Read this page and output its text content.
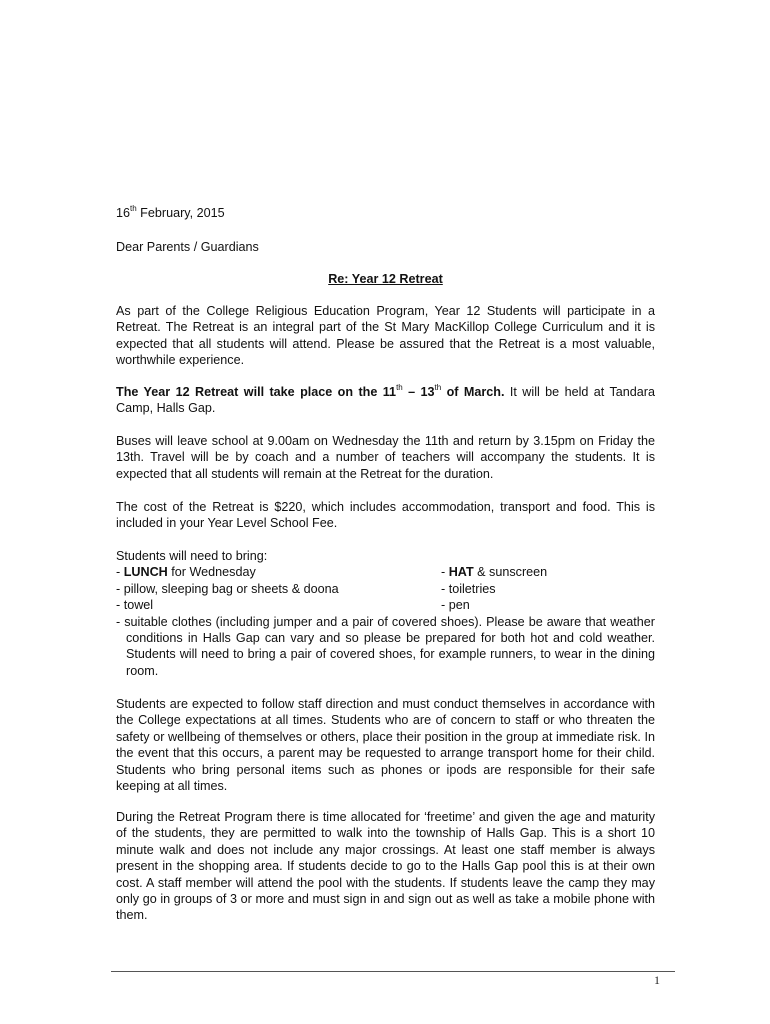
16th February, 2015
Dear Parents / Guardians
Re: Year 12 Retreat
As part of the College Religious Education Program, Year 12 Students will participate in a Retreat. The Retreat is an integral part of the St Mary MacKillop College Curriculum and it is expected that all students will attend. Please be assured that the Retreat is a most valuable, worthwhile experience.
The Year 12 Retreat will take place on the 11th – 13th of March. It will be held at Tandara Camp, Halls Gap.
Buses will leave school at 9.00am on Wednesday the 11th and return by 3.15pm on Friday the 13th. Travel will be by coach and a number of teachers will accompany the students. It is expected that all students will remain at the Retreat for the duration.
The cost of the Retreat is $220, which includes accommodation, transport and food. This is included in your Year Level School Fee.
Students will need to bring:
- LUNCH for Wednesday	- HAT & sunscreen
- pillow, sleeping bag or sheets & doona	- toiletries
- towel	- pen
- suitable clothes (including jumper and a pair of covered shoes). Please be aware that weather conditions in Halls Gap can vary and so please be prepared for both hot and cold weather. Students will need to bring a pair of covered shoes, for example runners, to wear in the dining room.
Students are expected to follow staff direction and must conduct themselves in accordance with the College expectations at all times. Students who are of concern to staff or who threaten the safety or wellbeing of themselves or others, place their position in the group at immediate risk. In the event that this occurs, a parent may be requested to arrange transport home for their child. Students who bring personal items such as phones or ipods are responsible for their safe keeping at all times.
During the Retreat Program there is time allocated for ‘freetime’ and given the age and maturity of the students, they are permitted to walk into the township of Halls Gap. This is a short 10 minute walk and does not include any major crossings. At least one staff member is always present in the shopping area. If students decide to go to the Halls Gap pool this is at their own cost. A staff member will attend the pool with the students. If students leave the camp they may only go in groups of 3 or more and must sign in and sign out as well as take a mobile phone with them.
1
